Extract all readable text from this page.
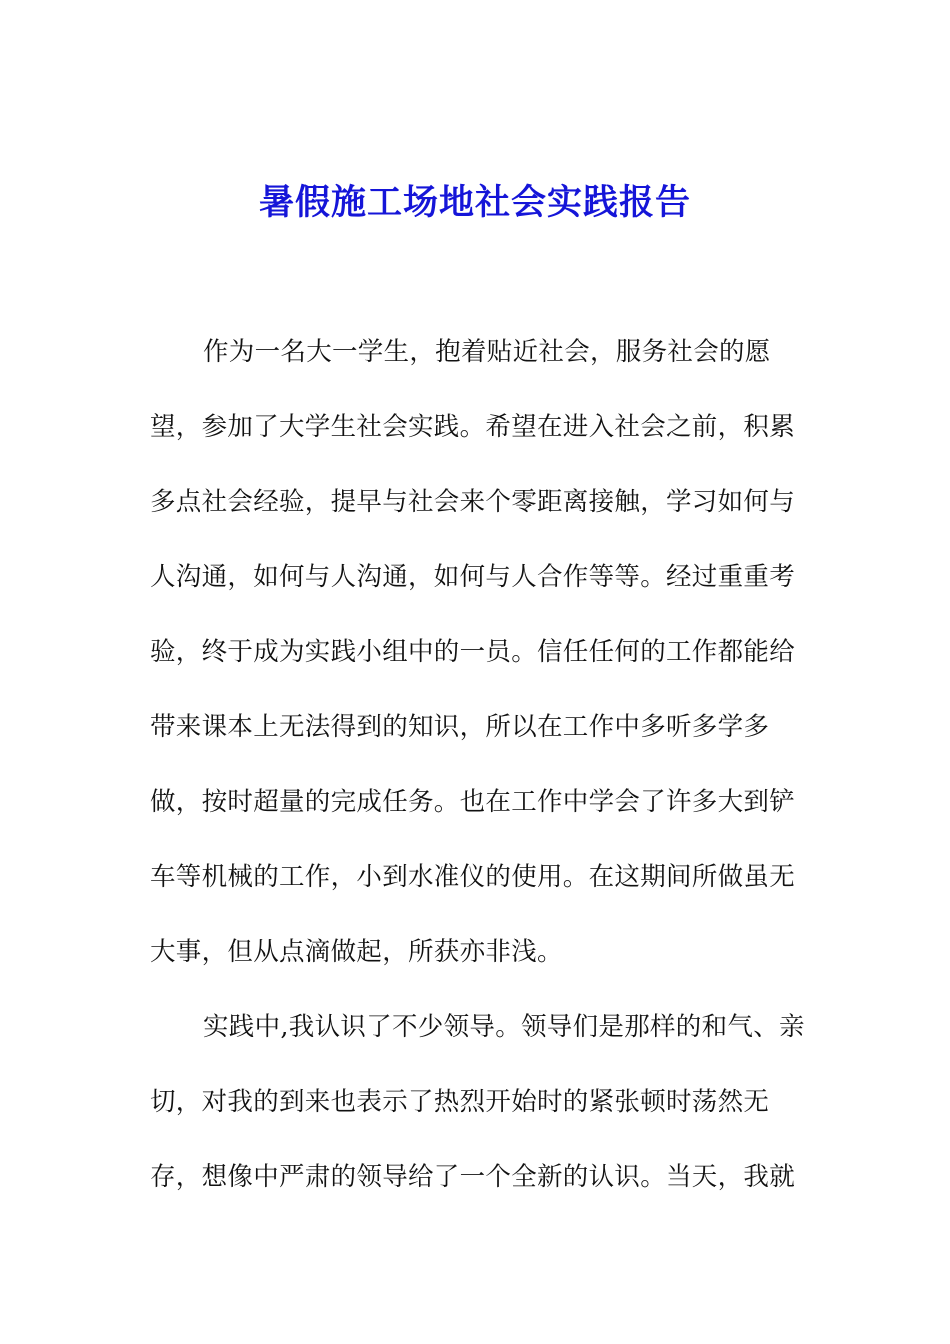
暑假施工场地社会实践报告
作为一名大一学生，抱着贴近社会，服务社会的愿
望，参加了大学生社会实践。希望在进入社会之前，积累
多点社会经验，提早与社会来个零距离接触，学习如何与
人沟通，如何与人沟通，如何与人合作等等。经过重重考
验，终于成为实践小组中的一员。信任任何的工作都能给
带来课本上无法得到的知识，所以在工作中多听多学多
做，按时超量的完成任务。也在工作中学会了许多大到铲
车等机械的工作，小到水准仪的使用。在这期间所做虽无
大事，但从点滴做起，所获亦非浅。
实践中,我认识了不少领导。领导们是那样的和气、亲
切，对我的到来也表示了热烈开始时的紧张顿时荡然无
存，想像中严肃的领导给了一个全新的认识。当天，我就
